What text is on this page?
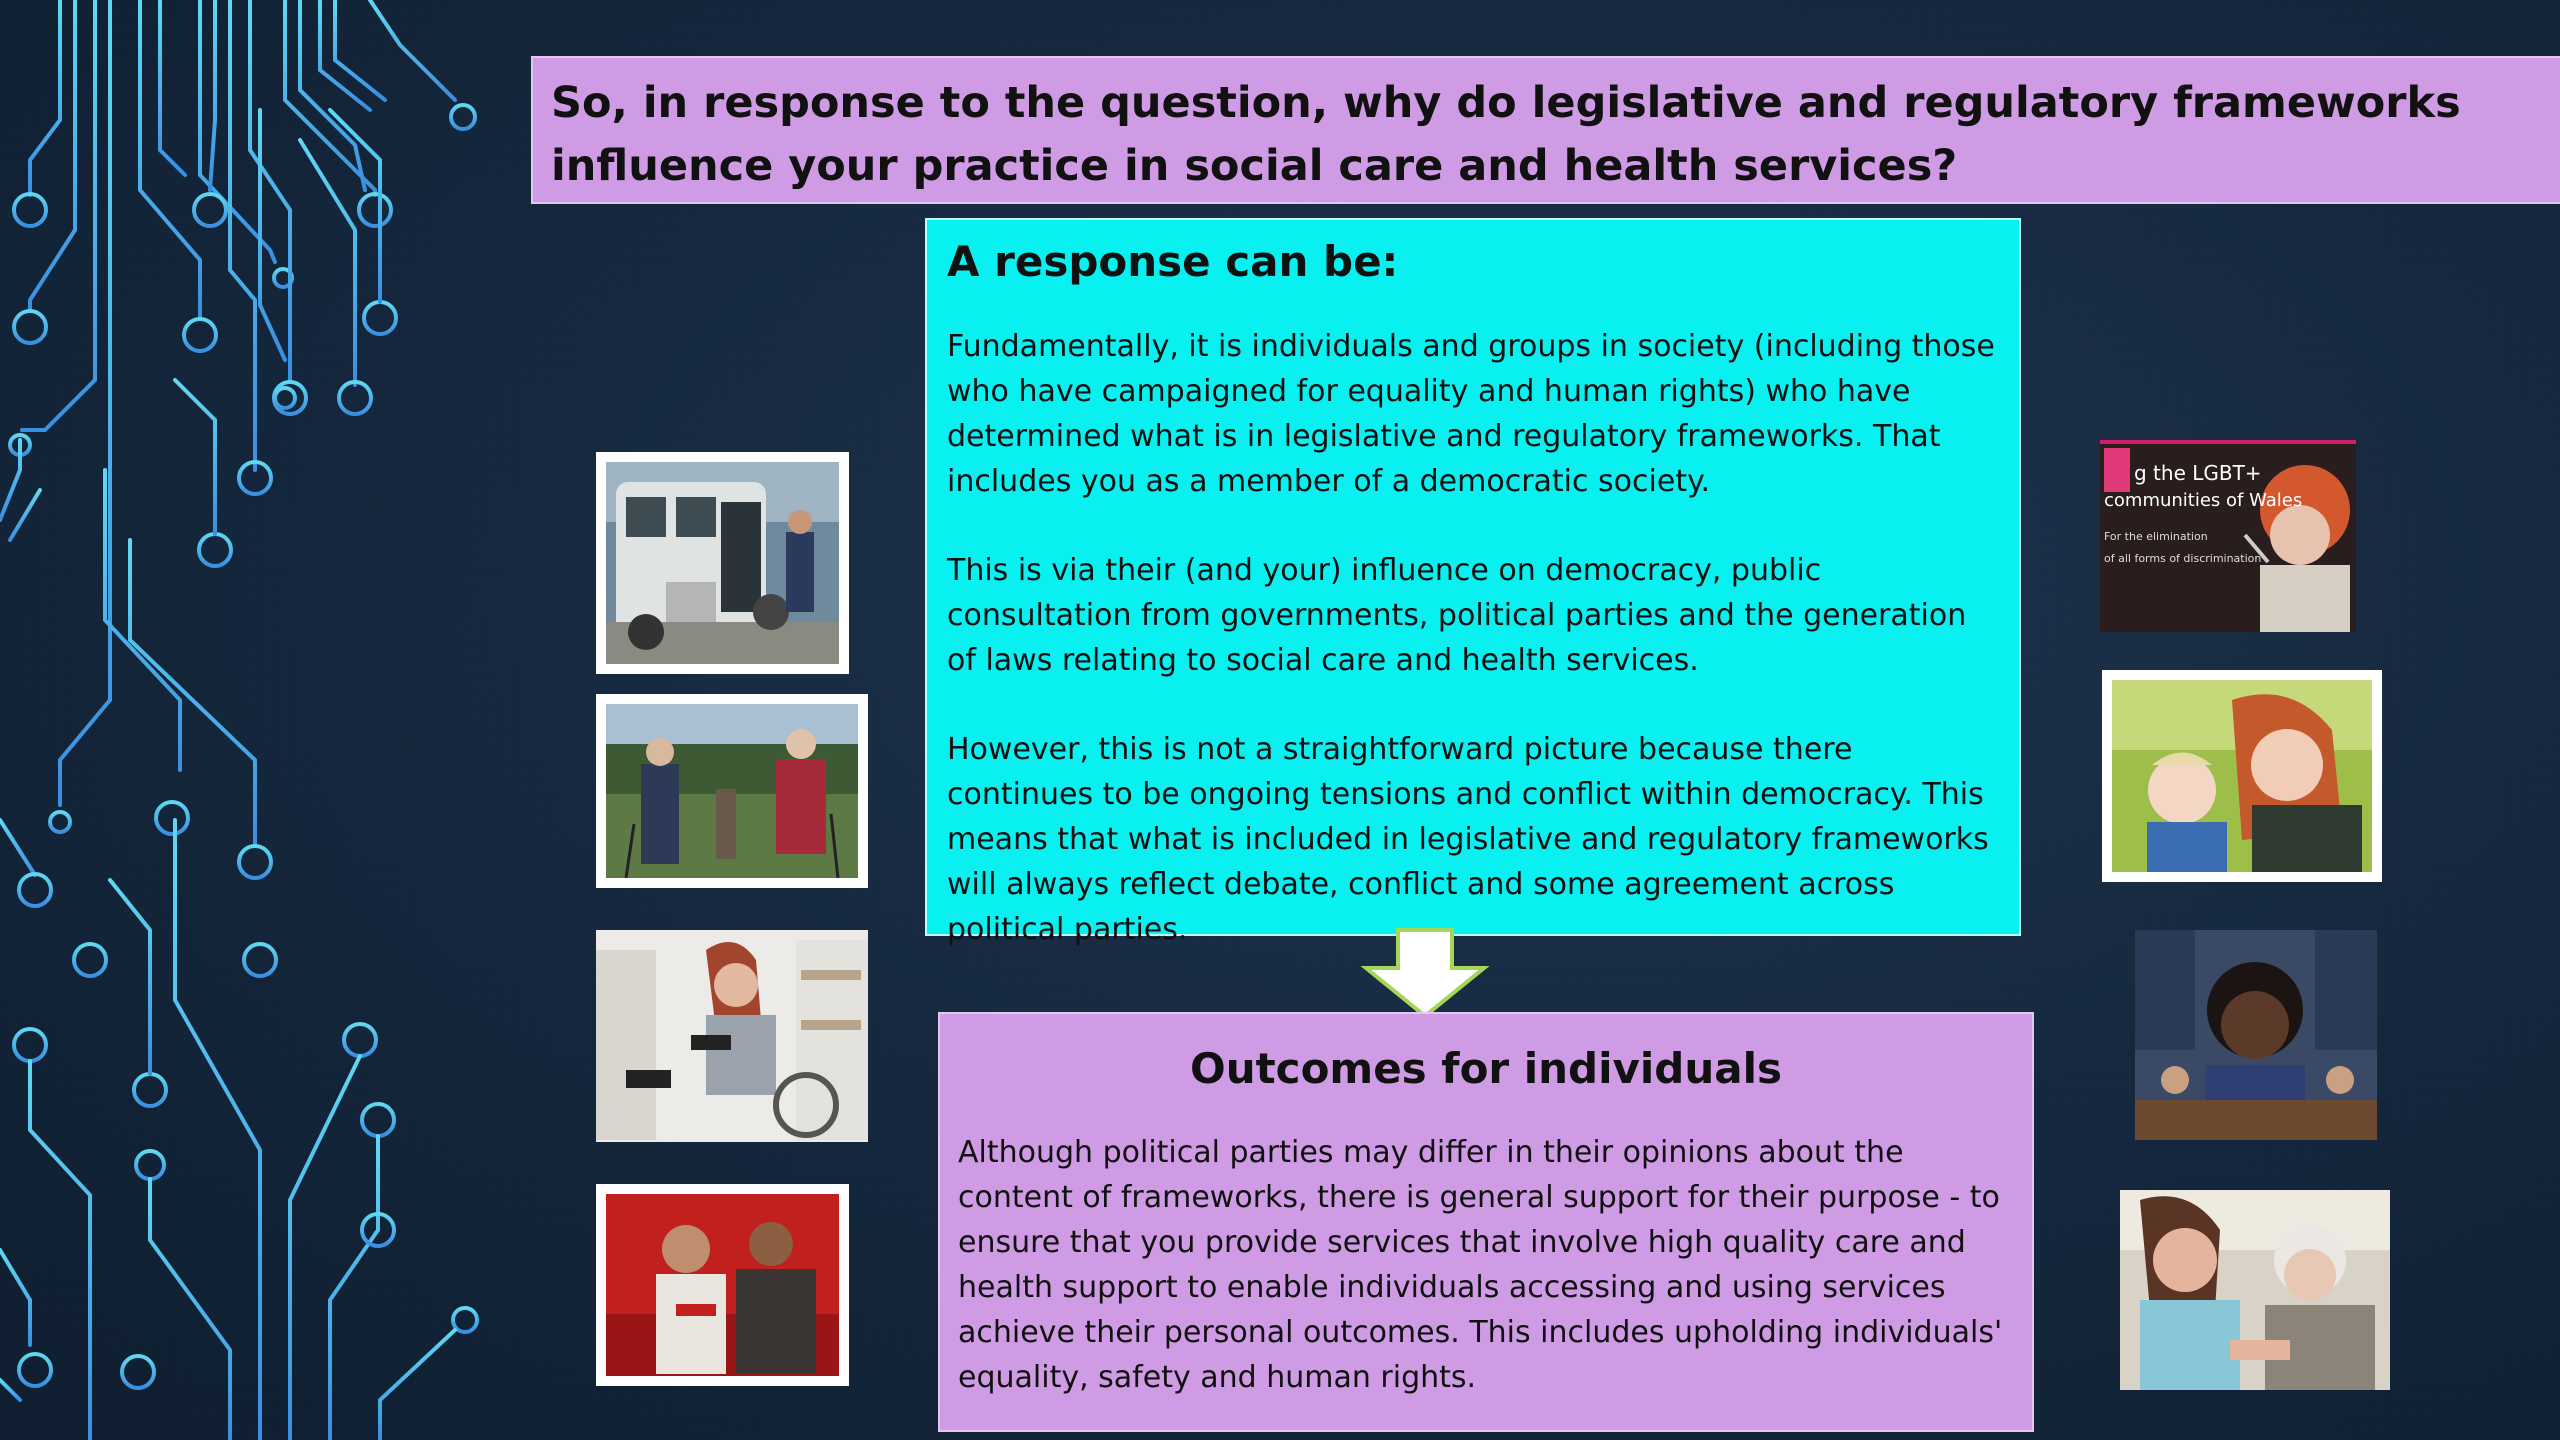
So, in response to the question, why do legislative and regulatory frameworks
influence your practice in social care and health services?

A response can be:

Fundamentally, it is individuals and groups in society (including those who have campaigned for equality and human rights) who have determined what is in legislative and regulatory frameworks. That includes you as a member of a democratic society.

This is via their (and your) influence on democracy, public consultation from governments, political parties and the generation of laws relating to social care and health services.

However, this is not a straightforward picture because there continues to be ongoing tensions and conflict within democracy. This means that what is included in legislative and regulatory frameworks will always reflect debate, conflict and some agreement across political parties.

Outcomes for individuals

Although political parties may differ in their opinions about the content of frameworks, there is general support for their purpose - to ensure that you provide services that involve high quality care and health support to enable individuals accessing and using services achieve their personal outcomes. This includes upholding individuals' equality, safety and human rights.

g the LGBT+
communities of Wales
For the elimination
of all forms of discrimination
